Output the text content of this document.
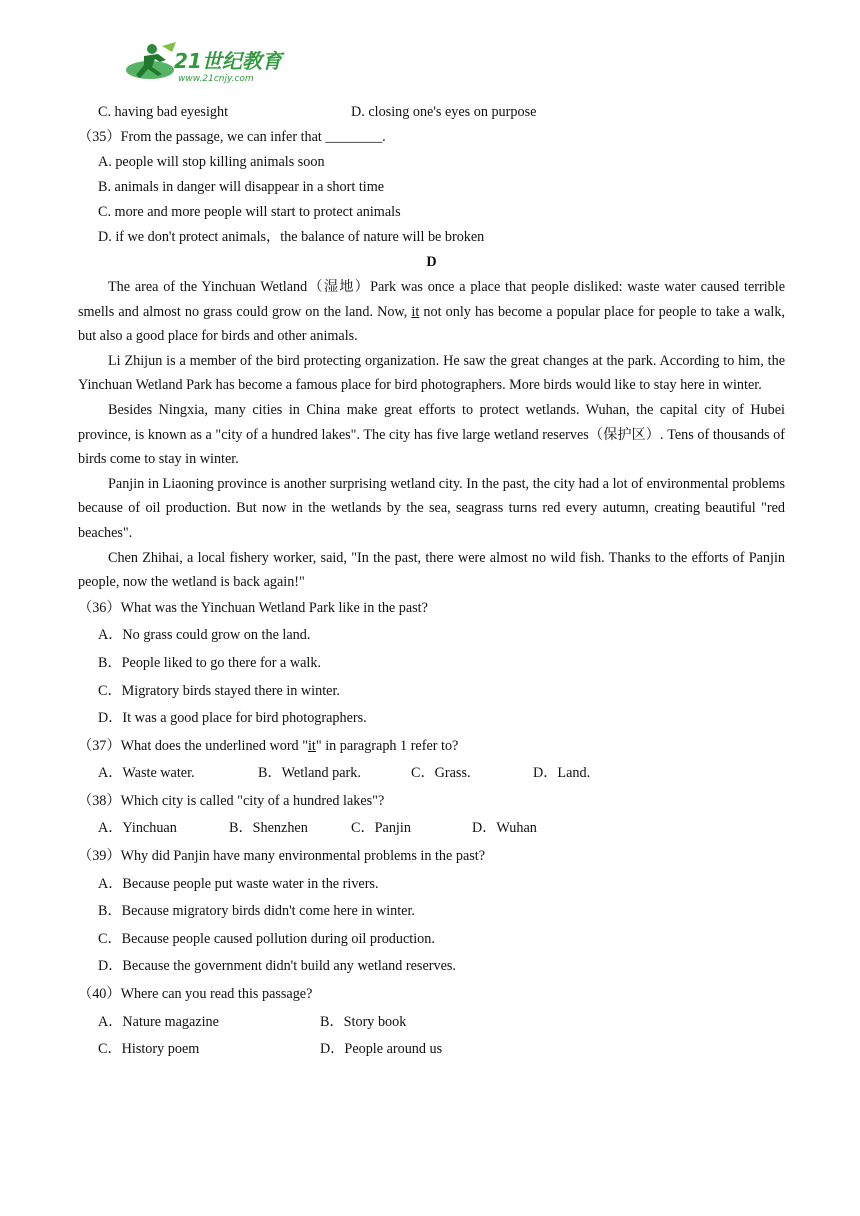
21世纪教育
www.21cnjy.com
C. having bad eyesight	D. closing one's eyes on purpose
（35）From the passage, we can infer that ________.
A. people will stop killing animals soon
B. animals in danger will disappear in a short time
C. more and more people will start to protect animals
D. if we don't protect animals，the balance of nature will be broken
D

The area of the Yinchuan Wetland（湿地）Park was once a place that people disliked: waste water caused terrible smells and almost no grass could grow on the land. Now, it not only has become a popular place for people to take a walk, but also a good place for birds and other animals.

Li Zhijun is a member of the bird protecting organization. He saw the great changes at the park. According to him, the Yinchuan Wetland Park has become a famous place for bird photographers. More birds would like to stay here in winter.

Besides Ningxia, many cities in China make great efforts to protect wetlands. Wuhan, the capital city of Hubei province, is known as a "city of a hundred lakes". The city has five large wetland reserves（保护区）. Tens of thousands of birds come to stay in winter.

Panjin in Liaoning province is another surprising wetland city. In the past, the city had a lot of environmental problems because of oil production. But now in the wetlands by the sea, seagrass turns red every autumn, creating beautiful "red beaches".

Chen Zhihai, a local fishery worker, said, "In the past, there were almost no wild fish. Thanks to the efforts of Panjin people, now the wetland is back again!"

（36）What was the Yinchuan Wetland Park like in the past?
A．No grass could grow on the land.
B．People liked to go there for a walk.
C．Migratory birds stayed there in winter.
D．It was a good place for bird photographers.
（37）What does the underlined word "it" in paragraph 1 refer to?
A．Waste water.	B．Wetland park.	C．Grass.	D．Land.
（38）Which city is called "city of a hundred lakes"?
A．Yinchuan	B．Shenzhen	C．Panjin	D．Wuhan
（39）Why did Panjin have many environmental problems in the past?
A．Because people put waste water in the rivers.
B．Because migratory birds didn't come here in winter.
C．Because people caused pollution during oil production.
D．Because the government didn't build any wetland reserves.
（40）Where can you read this passage?
A．Nature magazine	B．Story book
C．History poem	D．People around us
